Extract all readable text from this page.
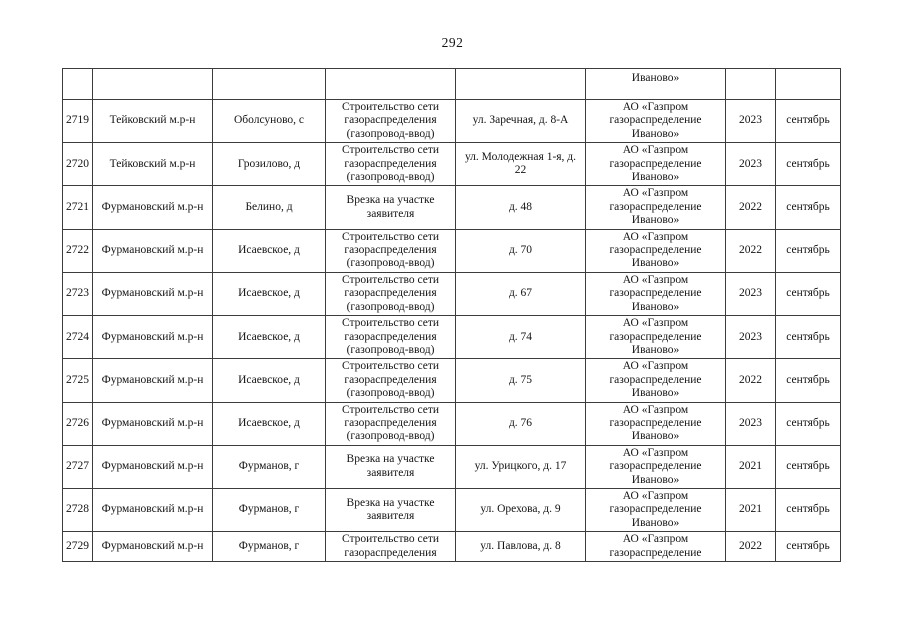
292
					Иваново»		
2719	Тейковский м.р-н	Оболсуново, с	Строительство сети газораспределения (газопровод-ввод)	ул. Заречная, д. 8-А	АО «Газпром газораспределение Иваново»	2023	сентябрь
2720	Тейковский м.р-н	Грозилово, д	Строительство сети газораспределения (газопровод-ввод)	ул. Молодежная 1-я, д. 22	АО «Газпром газораспределение Иваново»	2023	сентябрь
2721	Фурмановский м.р-н	Белино, д	Врезка на участке заявителя	д. 48	АО «Газпром газораспределение Иваново»	2022	сентябрь
2722	Фурмановский м.р-н	Исаевское, д	Строительство сети газораспределения (газопровод-ввод)	д. 70	АО «Газпром газораспределение Иваново»	2022	сентябрь
2723	Фурмановский м.р-н	Исаевское, д	Строительство сети газораспределения (газопровод-ввод)	д. 67	АО «Газпром газораспределение Иваново»	2023	сентябрь
2724	Фурмановский м.р-н	Исаевское, д	Строительство сети газораспределения (газопровод-ввод)	д. 74	АО «Газпром газораспределение Иваново»	2023	сентябрь
2725	Фурмановский м.р-н	Исаевское, д	Строительство сети газораспределения (газопровод-ввод)	д. 75	АО «Газпром газораспределение Иваново»	2022	сентябрь
2726	Фурмановский м.р-н	Исаевское, д	Строительство сети газораспределения (газопровод-ввод)	д. 76	АО «Газпром газораспределение Иваново»	2023	сентябрь
2727	Фурмановский м.р-н	Фурманов, г	Врезка на участке заявителя	ул. Урицкого, д. 17	АО «Газпром газораспределение Иваново»	2021	сентябрь
2728	Фурмановский м.р-н	Фурманов, г	Врезка на участке заявителя	ул. Орехова, д. 9	АО «Газпром газораспределение Иваново»	2021	сентябрь
2729	Фурмановский м.р-н	Фурманов, г	Строительство сети газораспределения	ул. Павлова, д. 8	АО «Газпром газораспределение	2022	сентябрь
